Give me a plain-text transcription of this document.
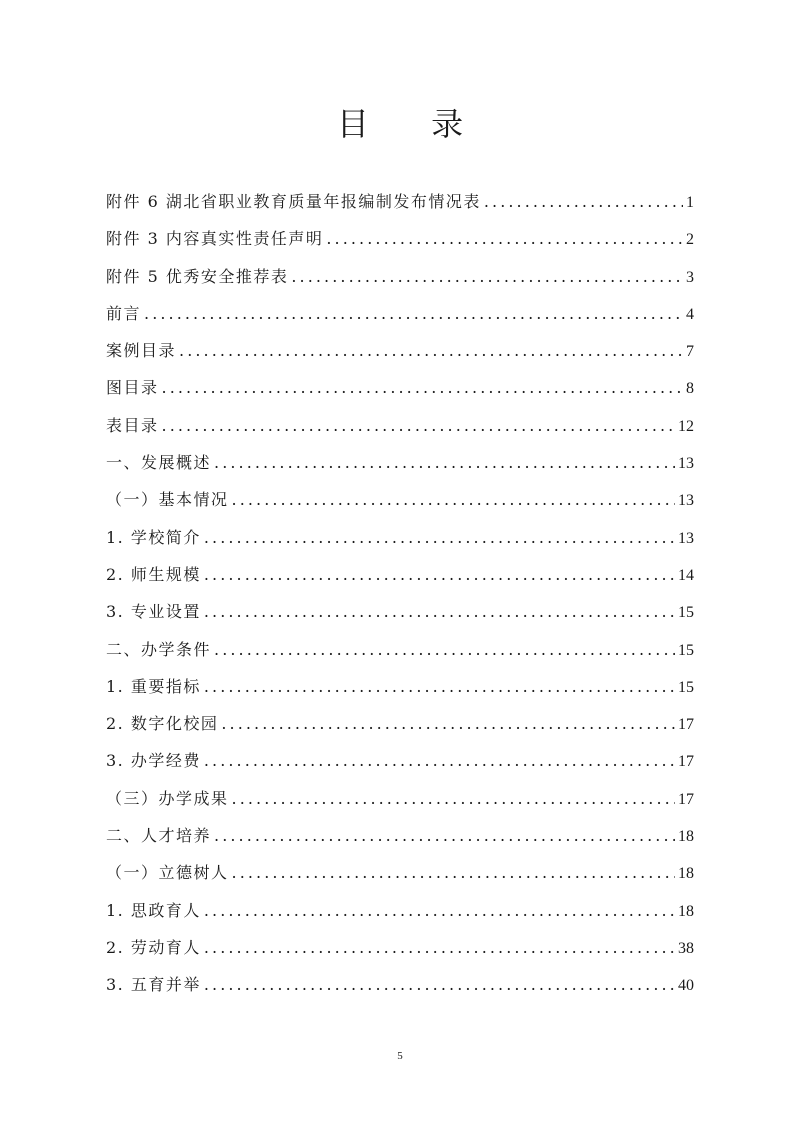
目 录
附件 6 湖北省职业教育质量年报编制发布情况表 . . .	1
附件 3 内容真实性责任声明 . . .	2
附件 5 优秀安全推荐表 . . .	3
前言 . . .	4
案例目录 . . .	7
图目录 . . .	8
表目录 . . .	12
一、发展概述 . . .	13
（一）基本情况 . . .	13
1. 学校简介 . . .	13
2. 师生规模 . . .	14
3. 专业设置 . . .	15
二、办学条件 . . .	15
1. 重要指标 . . .	15
2. 数字化校园 . . .	17
3. 办学经费 . . .	17
（三）办学成果 . . .	17
二、人才培养 . . .	18
（一）立德树人 . . .	18
1. 思政育人 . . .	18
2. 劳动育人 . . .	38
3. 五育并举 . . .	40
5
